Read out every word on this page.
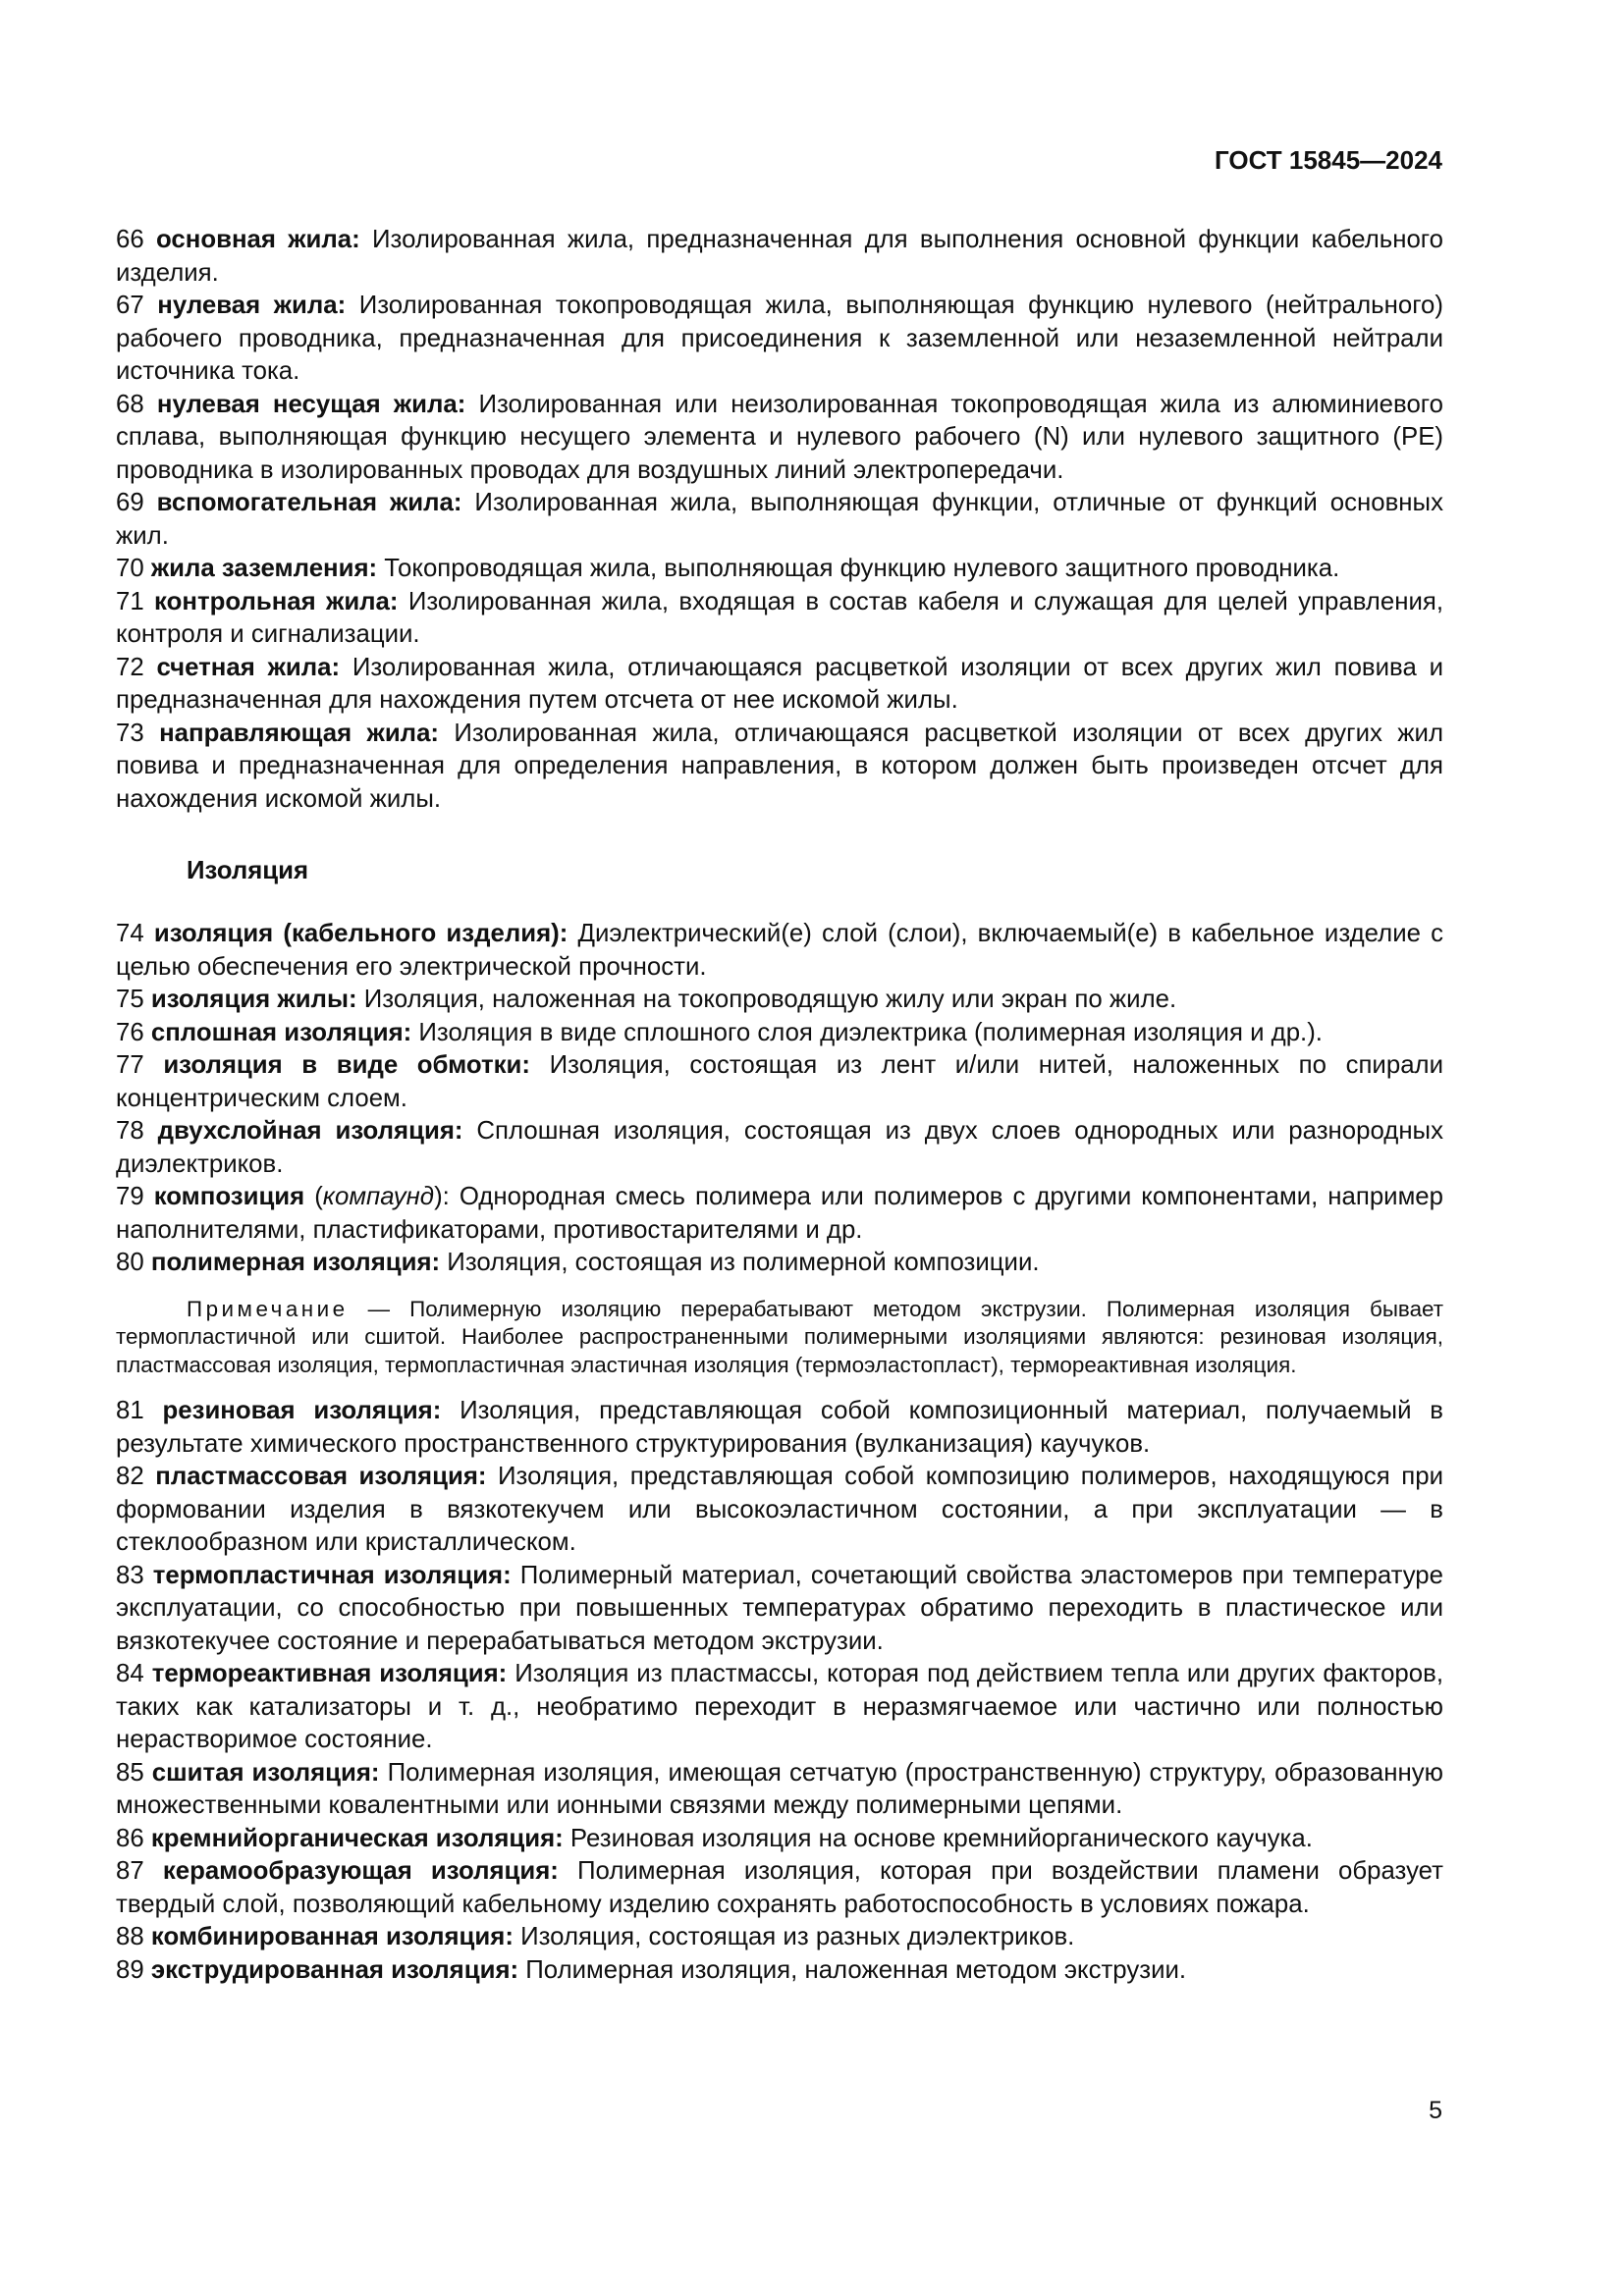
ГОСТ 15845—2024

66 основная жила: Изолированная жила, предназначенная для выполнения основной функции кабельного изделия.

67 нулевая жила: Изолированная токопроводящая жила, выполняющая функцию нулевого (нейтрального) рабочего проводника, предназначенная для присоединения к заземленной или незаземленной нейтрали источника тока.

68 нулевая несущая жила: Изолированная или неизолированная токопроводящая жила из алюминиевого сплава, выполняющая функцию несущего элемента и нулевого рабочего (N) или нулевого защитного (PE) проводника в изолированных проводах для воздушных линий электропередачи.

69 вспомогательная жила: Изолированная жила, выполняющая функции, отличные от функций основных жил.

70 жила заземления: Токопроводящая жила, выполняющая функцию нулевого защитного проводника.

71 контрольная жила: Изолированная жила, входящая в состав кабеля и служащая для целей управления, контроля и сигнализации.

72 счетная жила: Изолированная жила, отличающаяся расцветкой изоляции от всех других жил повива и предназначенная для нахождения путем отсчета от нее искомой жилы.

73 направляющая жила: Изолированная жила, отличающаяся расцветкой изоляции от всех других жил повива и предназначенная для определения направления, в котором должен быть произведен отсчет для нахождения искомой жилы.

Изоляция

74 изоляция (кабельного изделия): Диэлектрический(е) слой (слои), включаемый(е) в кабельное изделие с целью обеспечения его электрической прочности.

75 изоляция жилы: Изоляция, наложенная на токопроводящую жилу или экран по жиле.

76 сплошная изоляция: Изоляция в виде сплошного слоя диэлектрика (полимерная изоляция и др.).

77 изоляция в виде обмотки: Изоляция, состоящая из лент и/или нитей, наложенных по спирали концентрическим слоем.

78 двухслойная изоляция: Сплошная изоляция, состоящая из двух слоев однородных или разнородных диэлектриков.

79 композиция (компаунд): Однородная смесь полимера или полимеров с другими компонентами, например наполнителями, пластификаторами, противостарителями и др.

80 полимерная изоляция: Изоляция, состоящая из полимерной композиции.

Примечание — Полимерную изоляцию перерабатывают методом экструзии. Полимерная изоляция бывает термопластичной или сшитой. Наиболее распространенными полимерными изоляциями являются: резиновая изоляция, пластмассовая изоляция, термопластичная эластичная изоляция (термоэластопласт), термореактивная изоляция.

81 резиновая изоляция: Изоляция, представляющая собой композиционный материал, получаемый в результате химического пространственного структурирования (вулканизация) каучуков.

82 пластмассовая изоляция: Изоляция, представляющая собой композицию полимеров, находящуюся при формовании изделия в вязкотекучем или высокоэластичном состоянии, а при эксплуатации — в стеклообразном или кристаллическом.

83 термопластичная изоляция: Полимерный материал, сочетающий свойства эластомеров при температуре эксплуатации, со способностью при повышенных температурах обратимо переходить в пластическое или вязкотекучее состояние и перерабатываться методом экструзии.

84 термореактивная изоляция: Изоляция из пластмассы, которая под действием тепла или других факторов, таких как катализаторы и т. д., необратимо переходит в неразмягчаемое или частично или полностью нерастворимое состояние.

85 сшитая изоляция: Полимерная изоляция, имеющая сетчатую (пространственную) структуру, образованную множественными ковалентными или ионными связями между полимерными цепями.

86 кремнийорганическая изоляция: Резиновая изоляция на основе кремнийорганического каучука.

87 керамообразующая изоляция: Полимерная изоляция, которая при воздействии пламени образует твердый слой, позволяющий кабельному изделию сохранять работоспособность в условиях пожара.

88 комбинированная изоляция: Изоляция, состоящая из разных диэлектриков.

89 экструдированная изоляция: Полимерная изоляция, наложенная методом экструзии.

5
